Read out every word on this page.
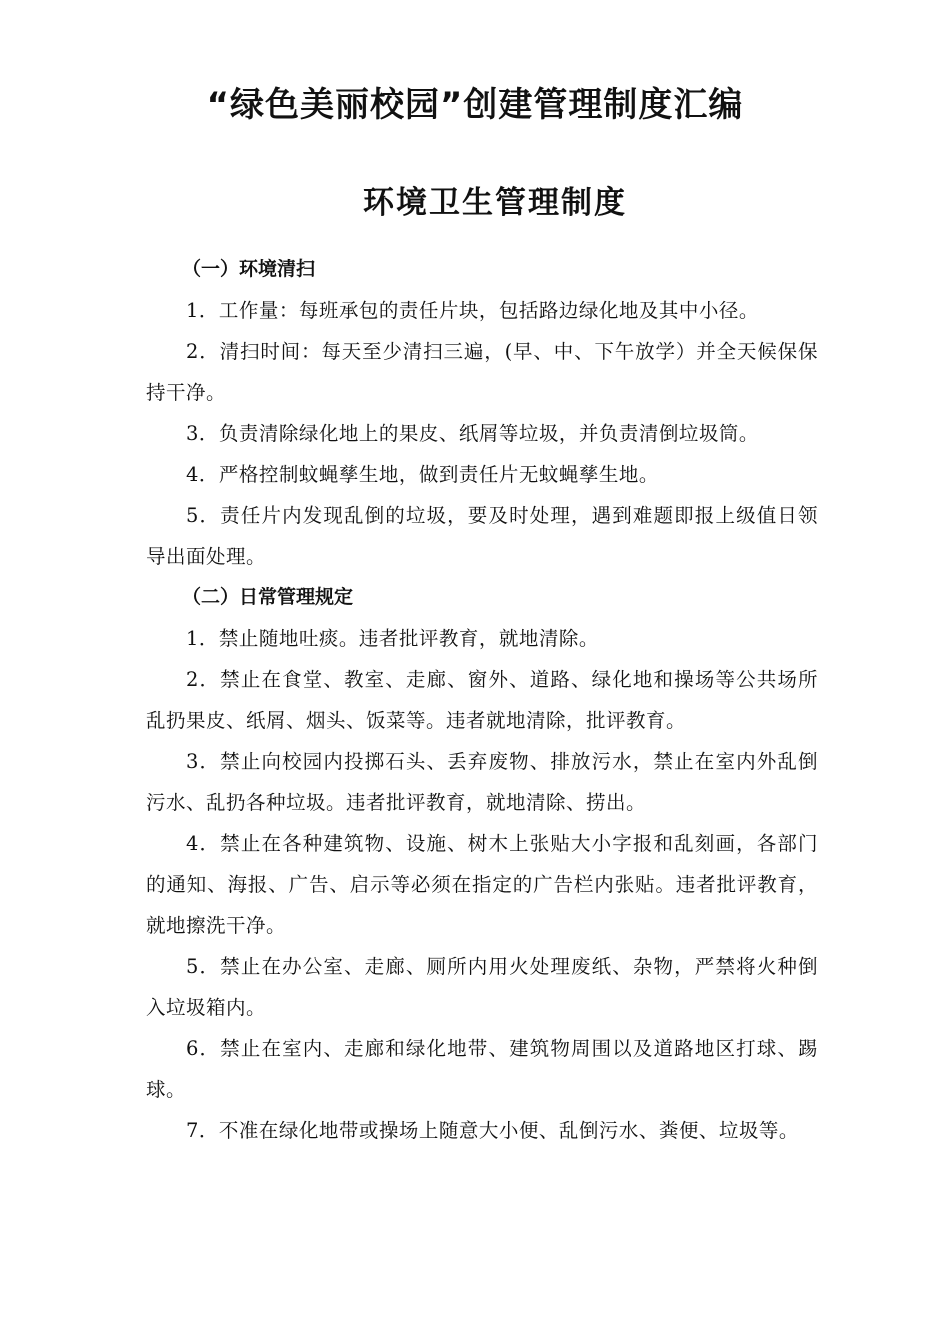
“绿色美丽校园”创建管理制度汇编
环境卫生管理制度

（一）环境清扫

1．工作量：每班承包的责任片块，包括路边绿化地及其中小径。

2．清扫时间：每天至少清扫三遍，(早、中、下午放学）并全天候保保持干净。

3．负责清除绿化地上的果皮、纸屑等垃圾，并负责清倒垃圾筒。

4．严格控制蚊蝇孳生地，做到责任片无蚊蝇孳生地。

5．责任片内发现乱倒的垃圾，要及时处理，遇到难题即报上级值日领导出面处理。

（二）日常管理规定

1．禁止随地吐痰。违者批评教育，就地清除。

2．禁止在食堂、教室、走廊、窗外、道路、绿化地和操场等公共场所乱扔果皮、纸屑、烟头、饭菜等。违者就地清除，批评教育。

3．禁止向校园内投掷石头、丢弃废物、排放污水，禁止在室内外乱倒污水、乱扔各种垃圾。违者批评教育，就地清除、捞出。

4．禁止在各种建筑物、设施、树木上张贴大小字报和乱刻画，各部门的通知、海报、广告、启示等必须在指定的广告栏内张贴。违者批评教育，就地擦洗干净。

5．禁止在办公室、走廊、厕所内用火处理废纸、杂物，严禁将火种倒入垃圾箱内。

6．禁止在室内、走廊和绿化地带、建筑物周围以及道路地区打球、踢球。

7．不准在绿化地带或操场上随意大小便、乱倒污水、粪便、垃圾等。
